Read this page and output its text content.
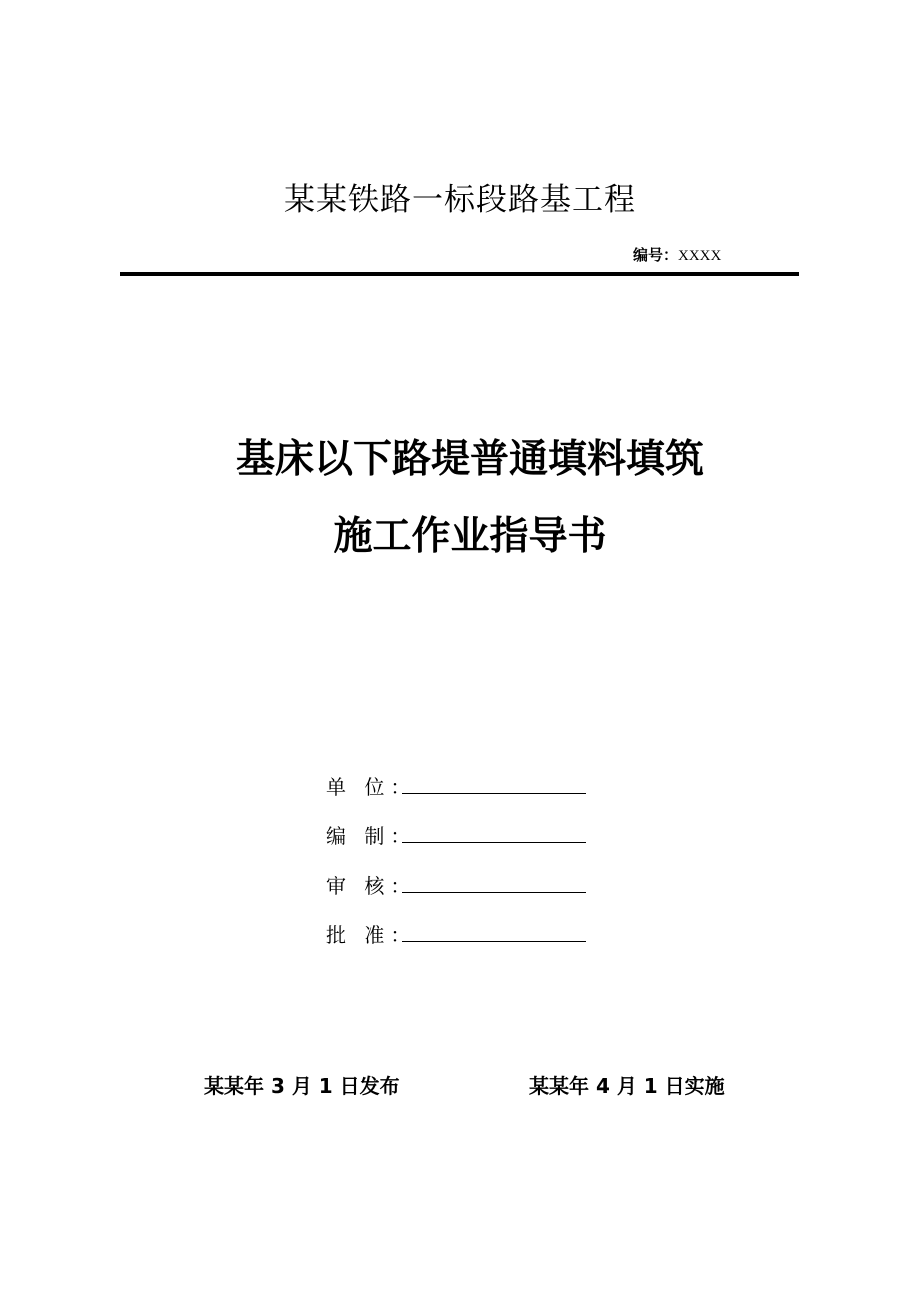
某某铁路一标段路基工程
编号：XXXX
基床以下路堤普通填料填筑
施工作业指导书
单 位：
编 制：
审 核：
批 准：
某某年 3 月 1 日发布	某某年 4 月 1 日实施
